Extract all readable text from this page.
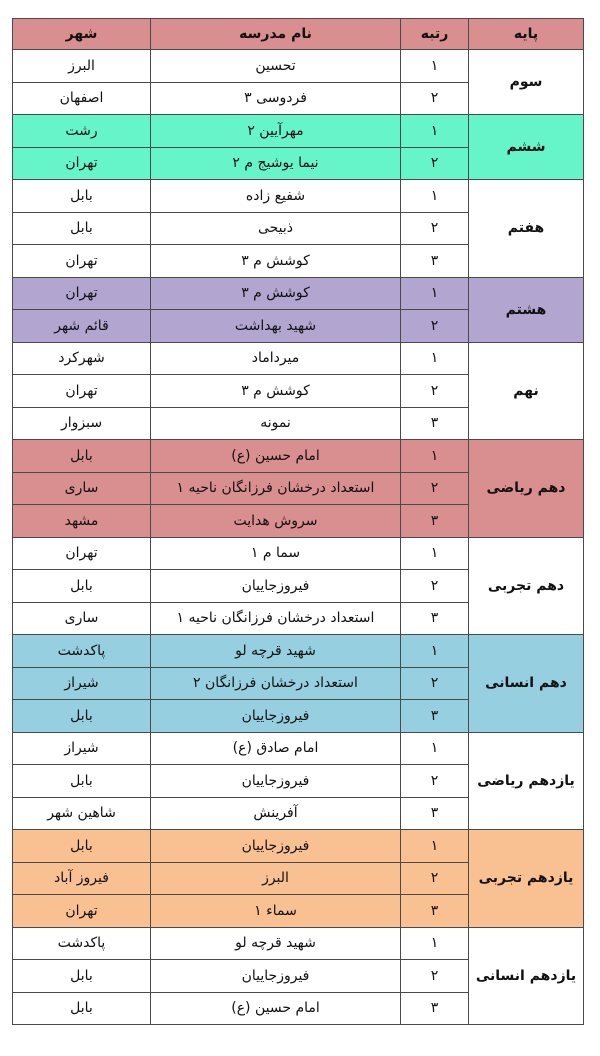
پایه	رتبه	نام مدرسه	شهر
سوم	۱	تحسین	البرز
	۲	فردوسی ۳	اصفهان
ششم	۱	مهرآیین ۲	رشت
	۲	نیما یوشیج م ۲	تهران
هفتم	۱	شفیع زاده	بابل
	۲	ذبیحی	بابل
	۳	کوشش م ۳	تهران
هشتم	۱	کوشش م ۳	تهران
	۲	شهید بهداشت	قائم شهر
نهم	۱	میرداماد	شهرکرد
	۲	کوشش م ۳	تهران
	۳	نمونه	سبزوار
دهم ریاضی	۱	امام حسین (ع)	بابل
	۲	استعداد درخشان فرزانگان ناحیه ۱	ساری
	۳	سروش هدایت	مشهد
دهم تجربی	۱	سما م ۱	تهران
	۲	فیروزجاییان	بابل
	۳	استعداد درخشان فرزانگان ناحیه ۱	ساری
دهم انسانی	۱	شهید قرچه لو	پاکدشت
	۲	استعداد درخشان فرزانگان ۲	شیراز
	۳	فیروزجاییان	بابل
یازدهم ریاضی	۱	امام صادق (ع)	شیراز
	۲	فیروزجاییان	بابل
	۳	آفرینش	شاهین شهر
یازدهم تجربی	۱	فیروزجاییان	بابل
	۲	البرز	فیروز آباد
	۳	سماء ۱	تهران
یازدهم انسانی	۱	شهید قرچه لو	پاکدشت
	۲	فیروزجاییان	بابل
	۳	امام حسین (ع)	بابل
